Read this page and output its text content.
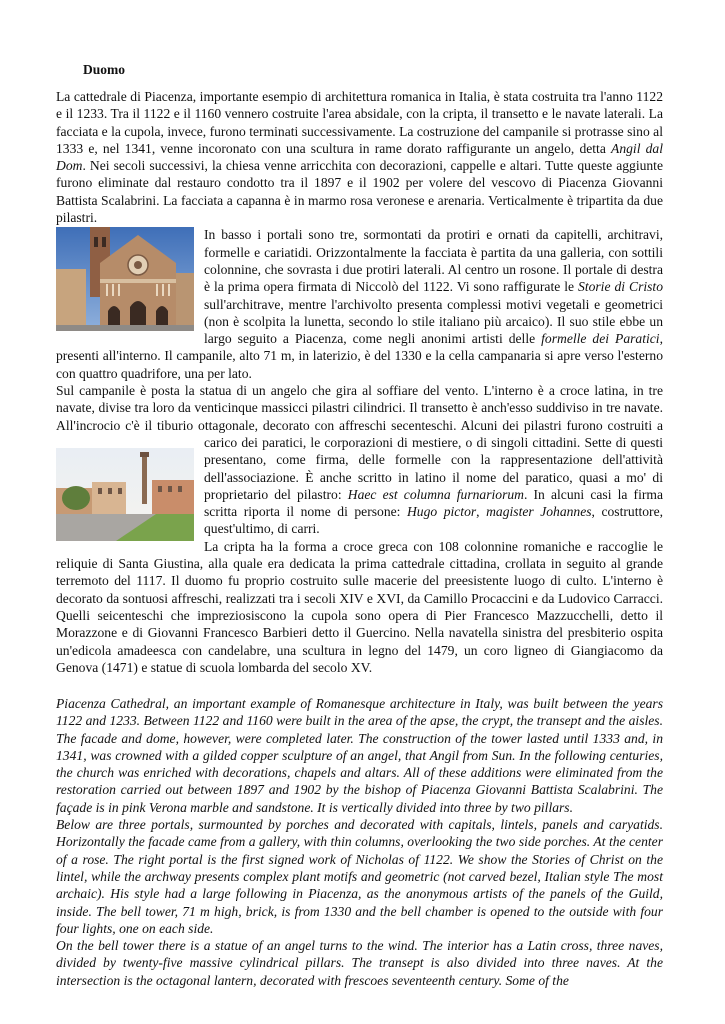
Duomo

La cattedrale di Piacenza, importante esempio di architettura romanica in Italia, è stata costruita tra l'anno 1122 e il 1233. Tra il 1122 e il 1160 vennero costruite l'area absidale, con la cripta, il transetto e le navate laterali. La facciata e la cupola, invece, furono terminati successivamente. La costruzione del campanile si protrasse sino al 1333 e, nel 1341, venne incoronato con una scultura in rame dorato raffigurante un angelo, detta Angil dal Dom. Nei secoli successivi, la chiesa venne arricchita con decorazioni, cappelle e altari. Tutte queste aggiunte furono eliminate dal restauro condotto tra il 1897 e il 1902 per volere del vescovo di Piacenza Giovanni Battista Scalabrini. La facciata a capanna è in marmo rosa veronese e arenaria. Verticalmente è tripartita da due pilastri.

In basso i portali sono tre, sormontati da protiri e ornati da capitelli, architravi, formelle e cariatidi. Orizzontalmente la facciata è partita da una galleria, con sottili colonnine, che sovrasta i due protiri laterali. Al centro un rosone. Il portale di destra è la prima opera firmata di Niccolò del 1122. Vi sono raffigurate le Storie di Cristo sull'architrave, mentre l'archivolto presenta complessi motivi vegetali e geometrici (non è scolpita la lunetta, secondo lo stile italiano più arcaico). Il suo stile ebbe un largo seguito a Piacenza, come negli anonimi artisti delle formelle dei Paratici, presenti all'interno. Il campanile, alto 71 m, in laterizio, è del 1330 e la cella campanaria si apre verso l'esterno con quattro quadrifore, una per lato.

Sul campanile è posta la statua di un angelo che gira al soffiare del vento. L'interno è a croce latina, in tre navate, divise tra loro da venticinque massicci pilastri cilindrici. Il transetto è anch'esso suddiviso in tre navate. All'incrocio c'è il tiburio ottagonale, decorato con affreschi secenteschi. Alcuni dei pilastri furono costruiti a carico dei paratici, le corporazioni di mestiere, o di singoli cittadini. Sette di questi
presentano, come firma, delle formelle con la rappresentazione dell'attività dell'associazione. È anche scritto in latino il nome del paratico, quasi a mo' di proprietario del pilastro: Haec est columna furnariorum. In alcuni casi la firma scritta riporta il nome di persone: Hugo pictor, magister Johannes, costruttore, quest'ultimo, di carri.

La cripta ha la forma a croce greca con 108 colonnine romaniche e raccoglie le reliquie di Santa Giustina, alla quale era dedicata la prima cattedrale cittadina, crollata in seguito al grande terremoto del 1117. Il duomo fu proprio costruito sulle macerie del preesistente luogo di culto. L'interno è decorato da sontuosi affreschi, realizzati tra i secoli XIV e XVI, da Camillo Procaccini e da Ludovico Carracci. Quelli seicenteschi che impreziosiscono la cupola sono opera di Pier Francesco Mazzucchelli, detto il Morazzone e di Giovanni Francesco Barbieri detto il Guercino. Nella navatella sinistra del presbiterio ospita un'edicola amadeesca con candelabre, una scultura in legno del 1479, un coro ligneo di Giangiacomo da Genova (1471) e statue di scuola lombarda del secolo XV.

Piacenza Cathedral, an important example of Romanesque architecture in Italy, was built between the years 1122 and 1233. Between 1122 and 1160 were built in the area of the apse, the crypt, the transept and the aisles. The facade and dome, however, were completed later. The construction of the tower lasted until 1333 and, in 1341, was crowned with a gilded copper sculpture of an angel, that Angil from Sun. In the following centuries, the church was enriched with decorations, chapels and altars. All of these additions were eliminated from the restoration carried out between 1897 and 1902 by the bishop of Piacenza Giovanni Battista Scalabrini. The façade is in pink Verona marble and sandstone. It is vertically divided into three by two pillars.

Below are three portals, surmounted by porches and decorated with capitals, lintels, panels and caryatids. Horizontally the facade came from a gallery, with thin columns, overlooking the two side porches. At the center of a rose. The right portal is the first signed work of Nicholas of 1122. We show the Stories of Christ on the lintel, while the archway presents complex plant motifs and geometric (not carved bezel, Italian style The most archaic). His style had a large following in Piacenza, as the anonymous artists of the panels of the Guild, inside. The bell tower, 71 m high, brick, is from 1330 and the bell chamber is opened to the outside with four four lights, one on each side.

On the bell tower there is a statue of an angel turns to the wind. The interior has a Latin cross, three naves, divided by twenty-five massive cylindrical pillars. The transept is also divided into three naves. At the intersection is the octagonal lantern, decorated with frescoes seventeenth century. Some of the
